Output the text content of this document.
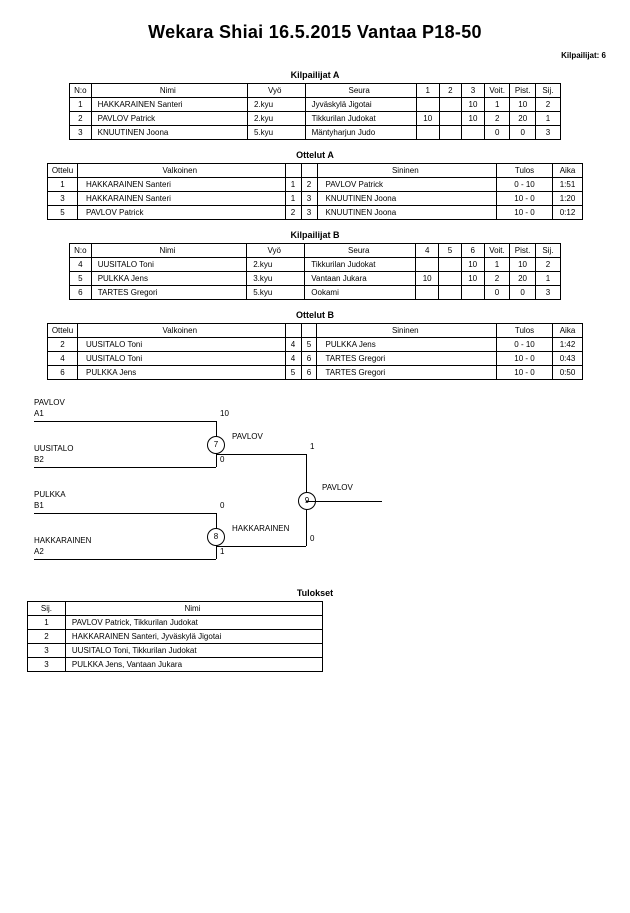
Wekara Shiai 16.5.2015 Vantaa P18-50
Kilpailijat: 6
Kilpailijat A
N:o	Nimi	Vyö	Seura	1	2	3	Voit.	Pist.	Sij.
1	HAKKARAINEN Santeri	2.kyu	Jyväskylä Jigotai			10	1	10	2
2	PAVLOV Patrick	2.kyu	Tikkurilan Judokat	10		10	2	20	1
3	KNUUTINEN Joona	5.kyu	Mäntyharjun Judo				0	0	3
Ottelut A
Ottelu	Valkoinen			Sininen	Tulos	Aika
1	HAKKARAINEN Santeri	1	2	PAVLOV Patrick	0 - 10	1:51
3	HAKKARAINEN Santeri	1	3	KNUUTINEN Joona	10 - 0	1:20
5	PAVLOV Patrick	2	3	KNUUTINEN Joona	10 - 0	0:12
Kilpailijat B
N:o	Nimi	Vyö	Seura	4	5	6	Voit.	Pist.	Sij.
4	UUSITALO Toni	2.kyu	Tikkurilan Judokat			10	1	10	2
5	PULKKA Jens	3.kyu	Vantaan Jukara	10		10	2	20	1
6	TARTES Gregori	5.kyu	Ookami				0	0	3
Ottelut B
Ottelu	Valkoinen			Sininen	Tulos	Aika
2	UUSITALO Toni	4	5	PULKKA Jens	0 - 10	1:42
4	UUSITALO Toni	4	6	TARTES Gregori	10 - 0	0:43
6	PULKKA Jens	5	6	TARTES Gregori	10 - 0	0:50
PAVLOV
A1	10
UUSITALO
B2	0
7
PAVLOV
1
PULKKA
B1	0
HAKKARAINEN
A2	1
8
HAKKARAINEN
0
PAVLOV
Tulokset
Sij.	Nimi
1	PAVLOV Patrick, Tikkurilan Judokat
2	HAKKARAINEN Santeri, Jyväskylä Jigotai
3	UUSITALO Toni, Tikkurilan Judokat
3	PULKKA Jens, Vantaan Jukara
